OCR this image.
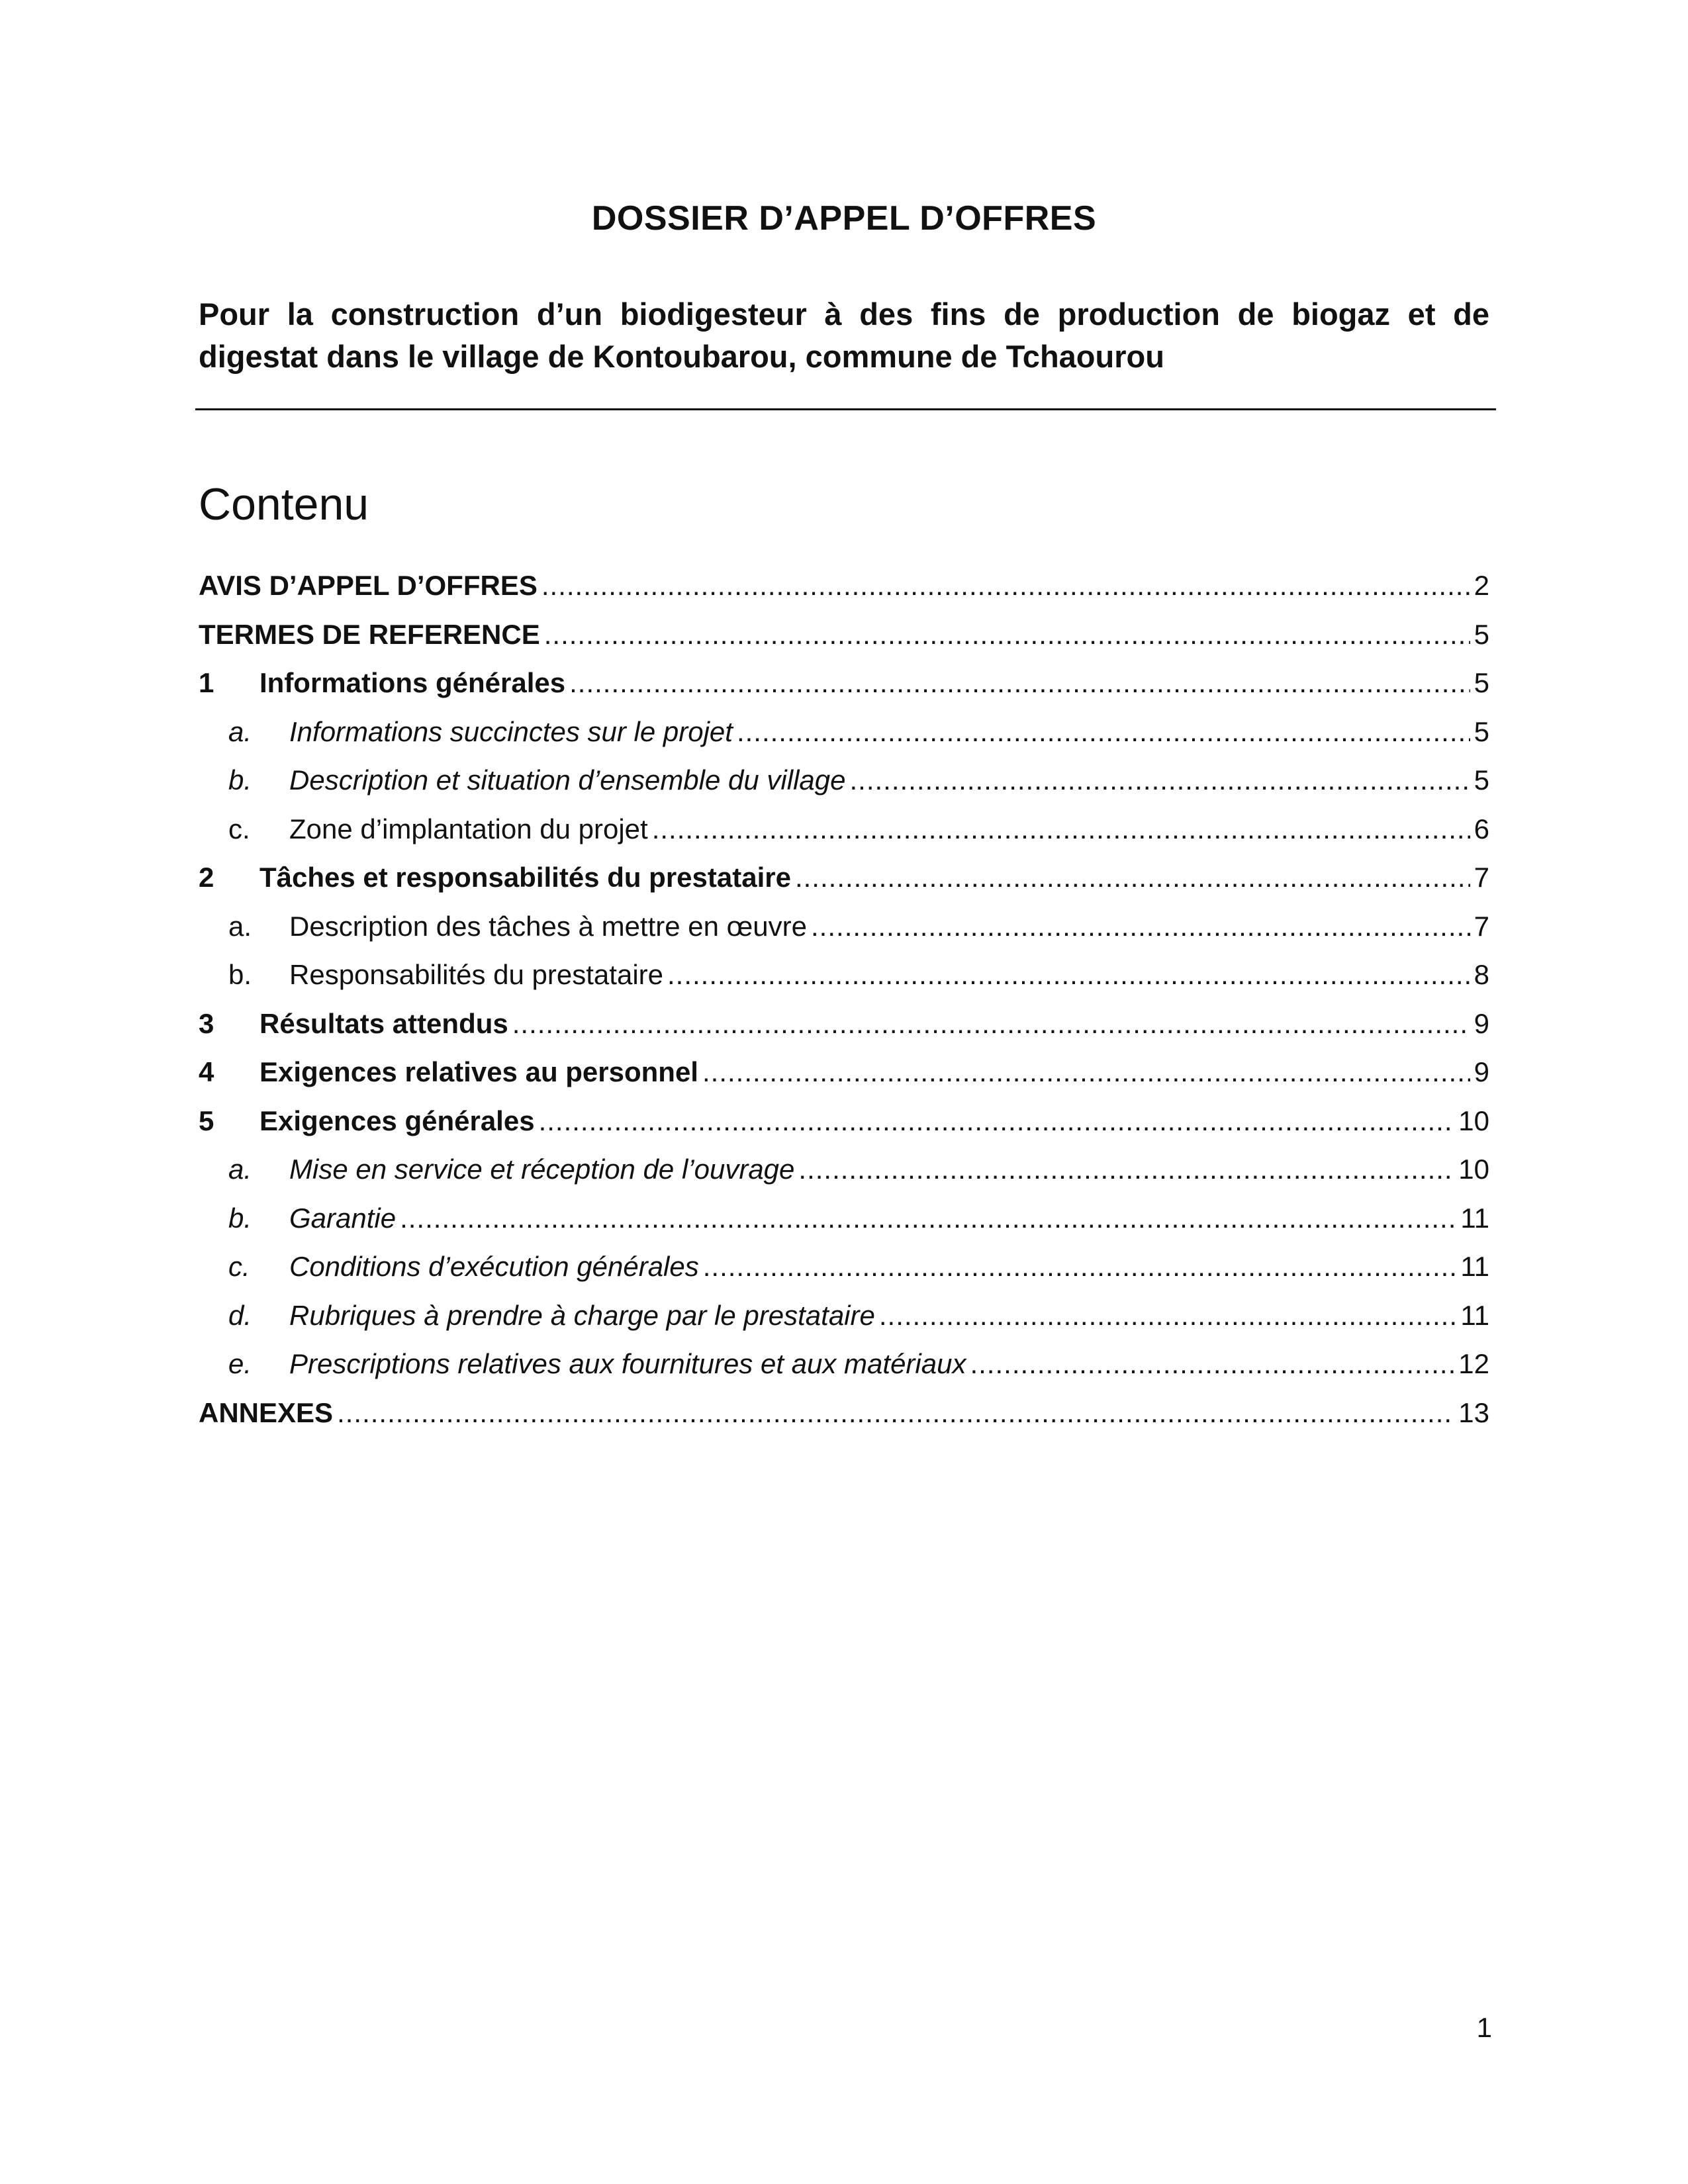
DOSSIER D’APPEL D’OFFRES
Pour la construction d’un biodigesteur à des fins de production de biogaz et de digestat dans le village de Kontoubarou, commune de Tchaourou
Contenu
AVIS D’APPEL D’OFFRES .....	2
TERMES DE REFERENCE .....	5
1	Informations générales .....	5
a.	Informations succinctes sur le projet .....	5
b.	Description et situation d’ensemble du village .....	5
c.	Zone d’implantation du projet .....	6
2	Tâches et responsabilités du prestataire .....	7
a.	Description des tâches à mettre en œuvre .....	7
b.	Responsabilités du prestataire .....	8
3	Résultats attendus .....	9
4	Exigences relatives au personnel .....	9
5	Exigences générales .....	10
a.	Mise en service et réception de l’ouvrage .....	10
b.	Garantie .....	11
c.	Conditions d’exécution générales .....	11
d.	Rubriques à prendre à charge par le prestataire .....	11
e.	Prescriptions relatives aux fournitures et aux matériaux .....	12
ANNEXES .....	13
1
